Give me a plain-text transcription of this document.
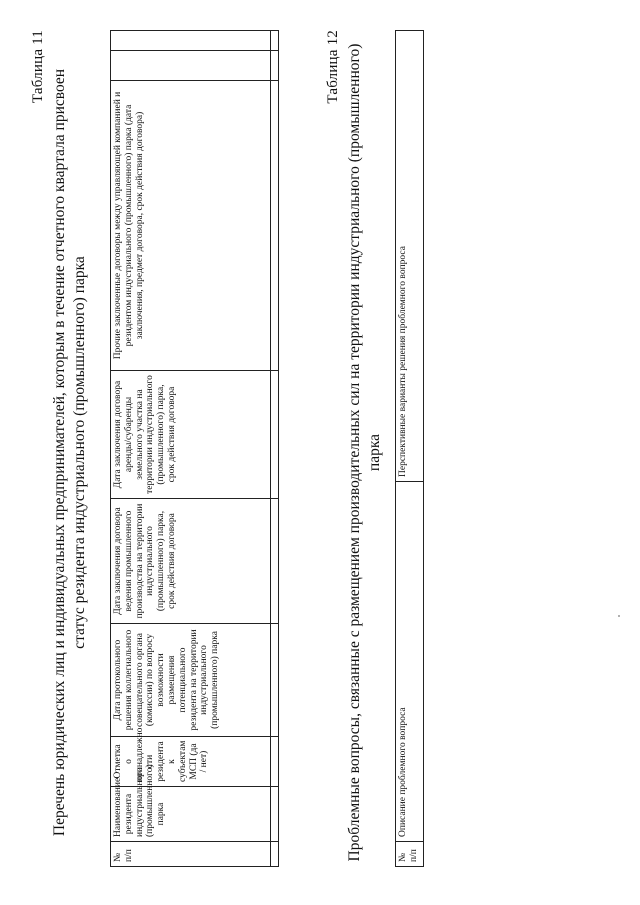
Таблица 11
Перечень юридических лиц и индивидуальных предпринимателей, которым в течение отчетного квартала присвоен статус резидента индустриального (промышленного) парка
№ п/п	Наименование резидента индустриального (промышленного) парка	Отметка о принадлежно сти резидента к субъектам МСП (да / нет)	Дата протокольного решения коллегиального совещательного органа (комиссии) по вопросу возможности размещения потенциального резидента на территории индустриального (промышленного) парка	Дата заключения договора ведения промышленного производства на территории индустриального (промышленного) парка, срок действия договора	Дата заключения договора аренды/субаренды земельного участка на территории индустриального (промышленного) парка, срок действия договора	Прочие заключенные договоры между управляющей компанией и резидентом индустриального (промышленного) парка (дата заключения, предмет договора, срок действия договора)		

Таблица 12 Проблемные вопросы, связанные с размещением производительных сил на территории индустриального (промышленного) парка
№ п/п	Описание проблемного вопроса	Перспективные варианты решения проблемного вопроса
